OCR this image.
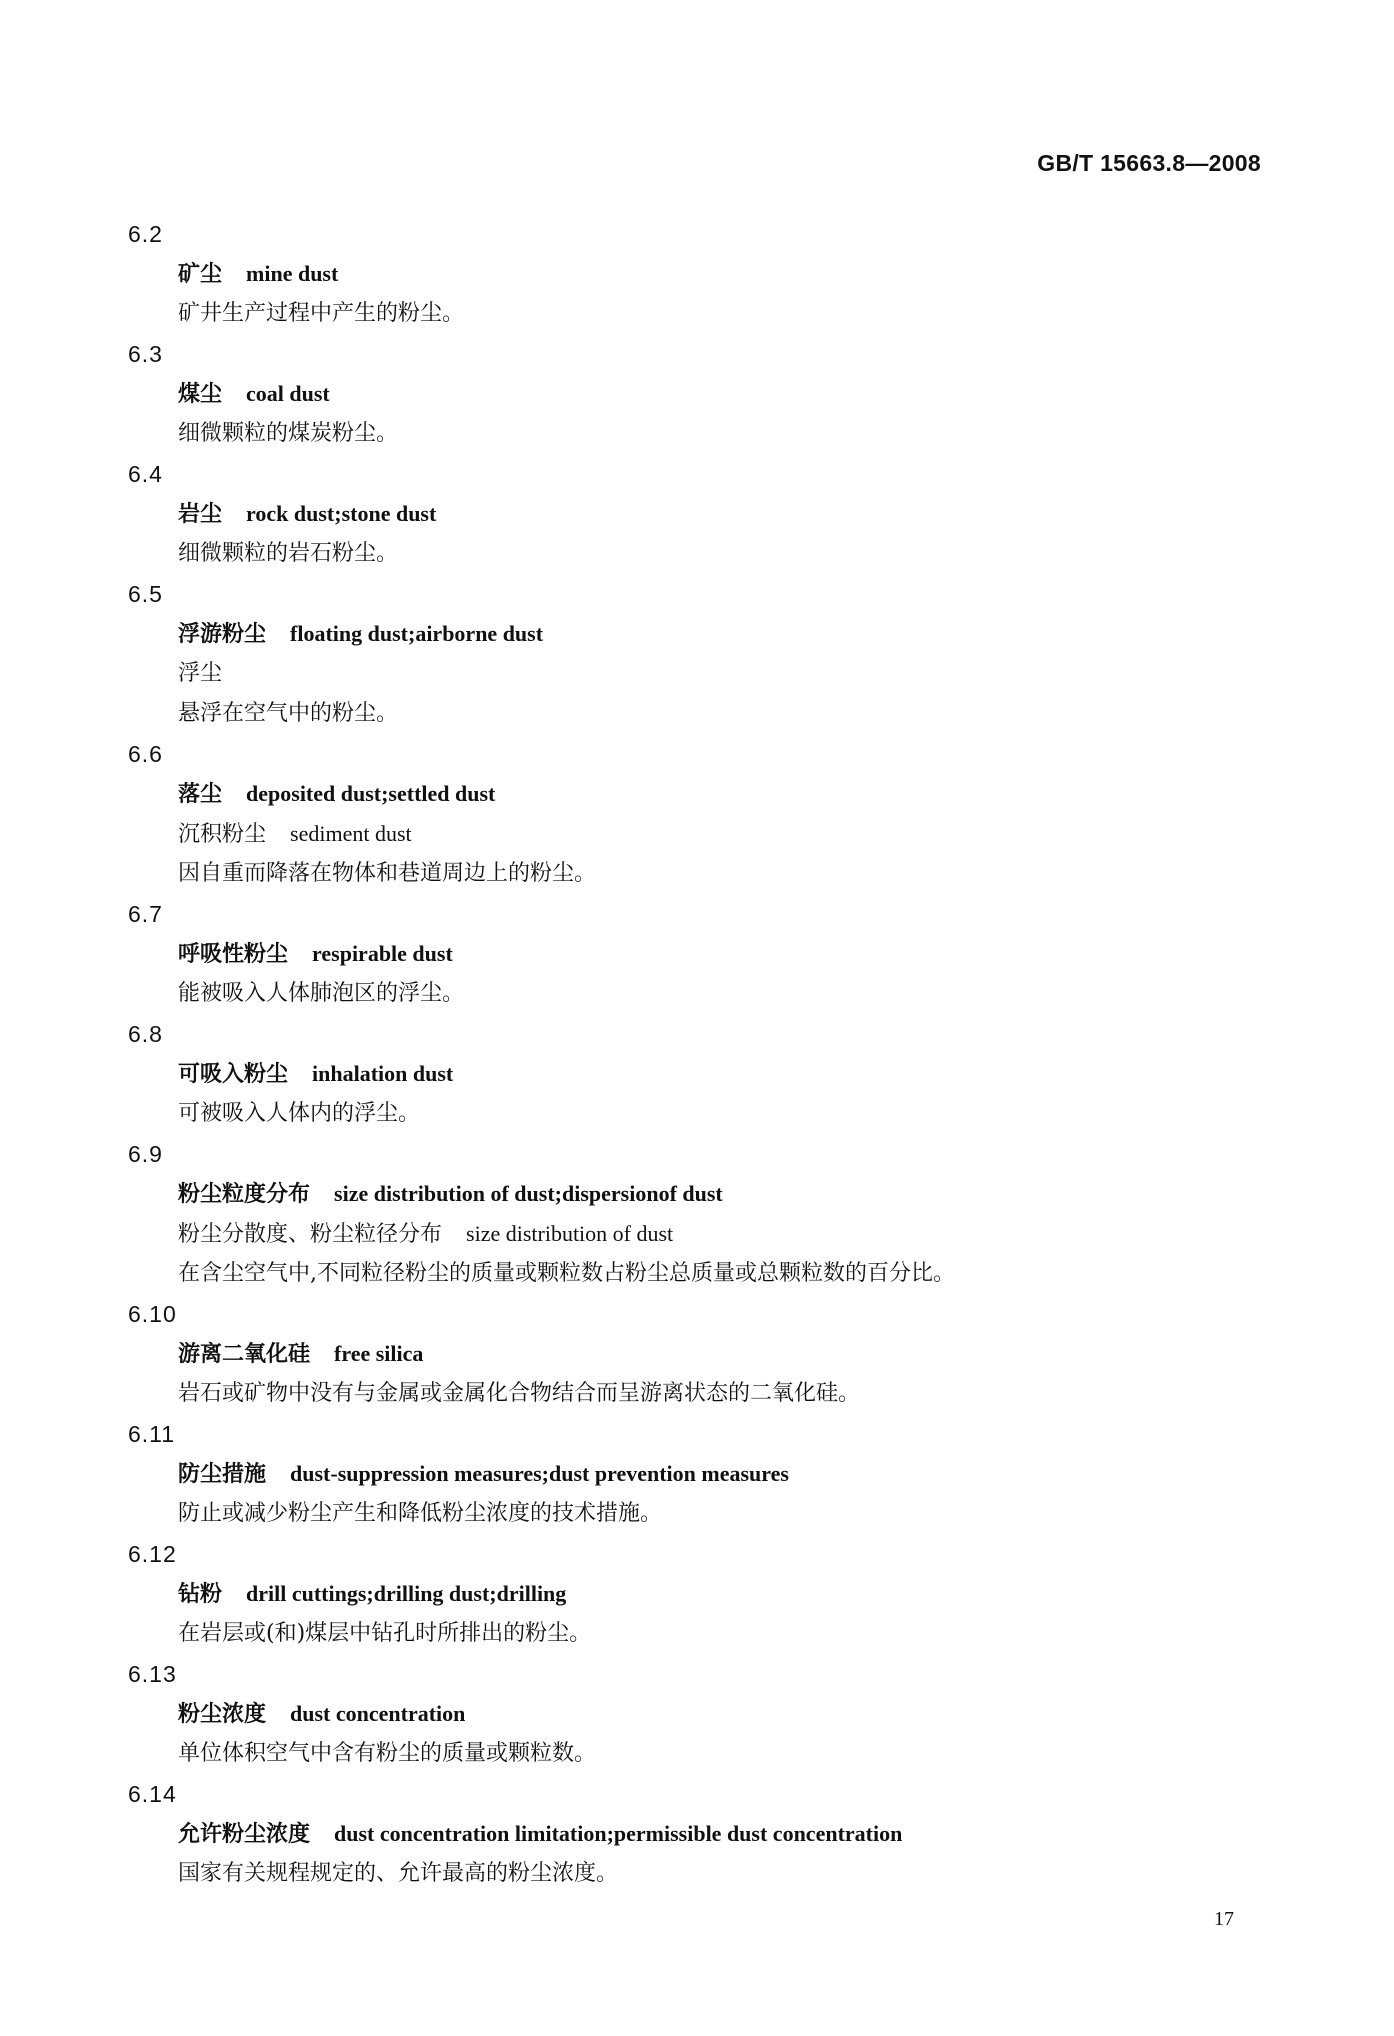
GB/T 15663.8—2008
6.2
矿尘 mine dust
矿井生产过程中产生的粉尘。
6.3
煤尘 coal dust
细微颗粒的煤炭粉尘。
6.4
岩尘 rock dust;stone dust
细微颗粒的岩石粉尘。
6.5
浮游粉尘 floating dust;airborne dust
浮尘
悬浮在空气中的粉尘。
6.6
落尘 deposited dust;settled dust
沉积粉尘 sediment dust
因自重而降落在物体和巷道周边上的粉尘。
6.7
呼吸性粉尘 respirable dust
能被吸入人体肺泡区的浮尘。
6.8
可吸入粉尘 inhalation dust
可被吸入人体内的浮尘。
6.9
粉尘粒度分布 size distribution of dust;dispersionof dust
粉尘分散度、粉尘粒径分布 size distribution of dust
在含尘空气中,不同粒径粉尘的质量或颗粒数占粉尘总质量或总颗粒数的百分比。
6.10
游离二氧化硅 free silica
岩石或矿物中没有与金属或金属化合物结合而呈游离状态的二氧化硅。
6.11
防尘措施 dust-suppression measures;dust prevention measures
防止或减少粉尘产生和降低粉尘浓度的技术措施。
6.12
钻粉 drill cuttings;drilling dust;drilling
在岩层或(和)煤层中钻孔时所排出的粉尘。
6.13
粉尘浓度 dust concentration
单位体积空气中含有粉尘的质量或颗粒数。
6.14
允许粉尘浓度 dust concentration limitation;permissible dust concentration
国家有关规程规定的、允许最高的粉尘浓度。
17
